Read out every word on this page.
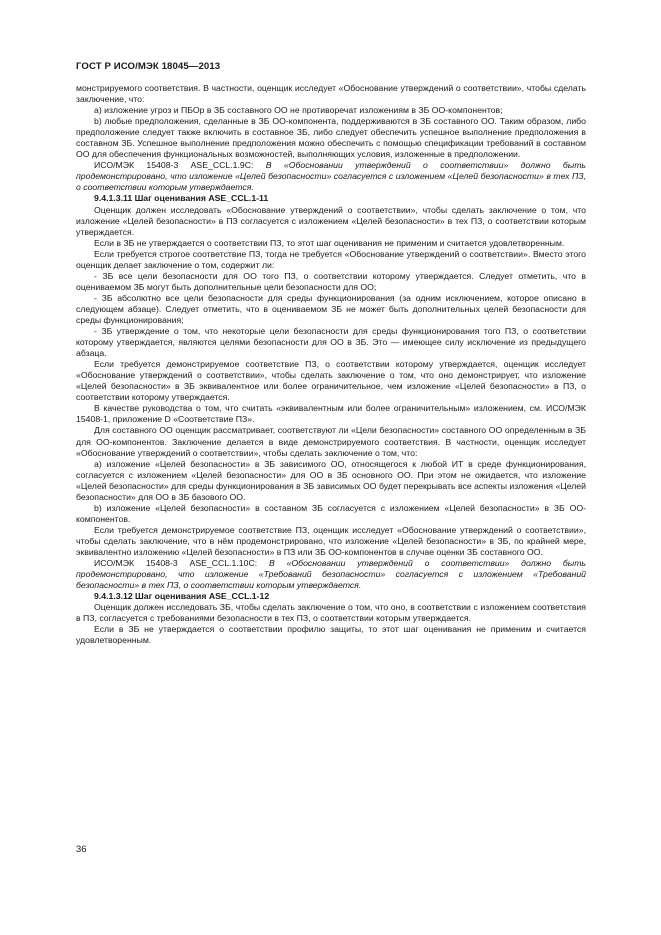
ГОСТ Р ИСО/МЭК 18045—2013

монстрируемого соответствия. В частности, оценщик исследует «Обоснование утверждений о соответствии», чтобы сделать заключение, что:

a) изложение угроз и ПБОр в ЗБ составного ОО не противоречат изложениям в ЗБ ОО-компонентов;

b) любые предположения, сделанные в ЗБ ОО-компонента, поддерживаются в ЗБ составного ОО. Таким образом, либо предположение следует также включить в составное ЗБ, либо следует обеспечить успешное выполнение предположения в составном ЗБ. Успешное выполнение предположения можно обеспечить с помощью спецификации требований в составном ОО для обеспечения функциональных возможностей, выполняющих условия, изложенные в предположении.

ИСО/МЭК 15408-3 ASE_CCL.1.9С: В «Обосновании утверждений о соответствии» должно быть продемонстрировано, что изложение «Целей безопасности» согласуется с изложением «Целей безопасности» в тех ПЗ, о соответствии которым утверждается.

9.4.1.3.11 Шаг оценивания ASE_CCL.1-11

Оценщик должен исследовать «Обоснование утверждений о соответствии», чтобы сделать заключение о том, что изложение «Целей безопасности» в ПЗ согласуется с изложением «Целей безопасности» в тех ПЗ, о соответствии которым утверждается.

Если в ЗБ не утверждается о соответствии ПЗ, то этот шаг оценивания не применим и считается удовлетворенным.

Если требуется строгое соответствие ПЗ, тогда не требуется «Обоснование утверждений о соответствии». Вместо этого оценщик делает заключение о том, содержит ли:

- ЗБ все цели безопасности для ОО того ПЗ, о соответствии которому утверждается. Следует отметить, что в оцениваемом ЗБ могут быть дополнительные цели безопасности для ОО;

- ЗБ абсолютно все цели безопасности для среды функционирования (за одним исключением, которое описано в следующем абзаце). Следует отметить, что в оцениваемом ЗБ не может быть дополнительных целей безопасности для среды функционирования;

- ЗБ утверждение о том, что некоторые цели безопасности для среды функционирования того ПЗ, о соответствии которому утверждается, являются целями безопасности для ОО в ЗБ. Это — имеющее силу исключение из предыдущего абзаца.

Если требуется демонстрируемое соответствие ПЗ, о соответствии которому утверждается, оценщик исследует «Обоснование утверждений о соответствии», чтобы сделать заключение о том, что оно демонстрирует, что изложение «Целей безопасности» в ЗБ эквивалентное или более ограничительное, чем изложение «Целей безопасности» в ПЗ, о соответствии которому утверждается.

В качестве руководства о том, что считать «эквивалентным или более ограничительным» изложением, см. ИСО/МЭК 15408-1, приложение D «Соответствие ПЗ».

Для составного ОО оценщик рассматривает, соответствуют ли «Цели безопасности» составного ОО определенным в ЗБ для ОО-компонентов. Заключение делается в виде демонстрируемого соответствия. В частности, оценщик исследует «Обоснование утверждений о соответствии», чтобы сделать заключение о том, что:

a) изложение «Целей безопасности» в ЗБ зависимого ОО, относящегося к любой ИТ в среде функционирования, согласуется с изложением «Целей безопасности» для ОО в ЗБ основного ОО. При этом не ожидается, что изложение «Целей безопасности» для среды функционирования в ЗБ зависимых ОО будет перекрывать все аспекты изложения «Целей безопасности» для ОО в ЗБ базового ОО.

b) изложение «Целей безопасности» в составном ЗБ согласуется с изложением «Целей безопасности» в ЗБ ОО-компонентов.

Если требуется демонстрируемое соответствие ПЗ, оценщик исследует «Обоснование утверждений о соответствии», чтобы сделать заключение, что в нём продемонстрировано, что изложение «Целей безопасности» в ЗБ, по крайней мере, эквивалентно изложению «Целей безопасности» в ПЗ или ЗБ ОО-компонентов в случае оценки ЗБ составного ОО.

ИСО/МЭК 15408-3 ASE_CCL.1.10С: В «Обосновании утверждений о соответствии» должно быть продемонстрировано, что изложение «Требований безопасности» согласуется с изложением «Требований безопасности» в тех ПЗ, о соответствии которым утверждается.

9.4.1.3.12 Шаг оценивания ASE_CCL.1-12

Оценщик должен исследовать ЗБ, чтобы сделать заключение о том, что оно, в соответствии с изложением соответствия в ПЗ, согласуется с требованиями безопасности в тех ПЗ, о соответствии которым утверждается.

Если в ЗБ не утверждается о соответствии профилю защиты, то этот шаг оценивания не применим и считается удовлетворенным.

36
